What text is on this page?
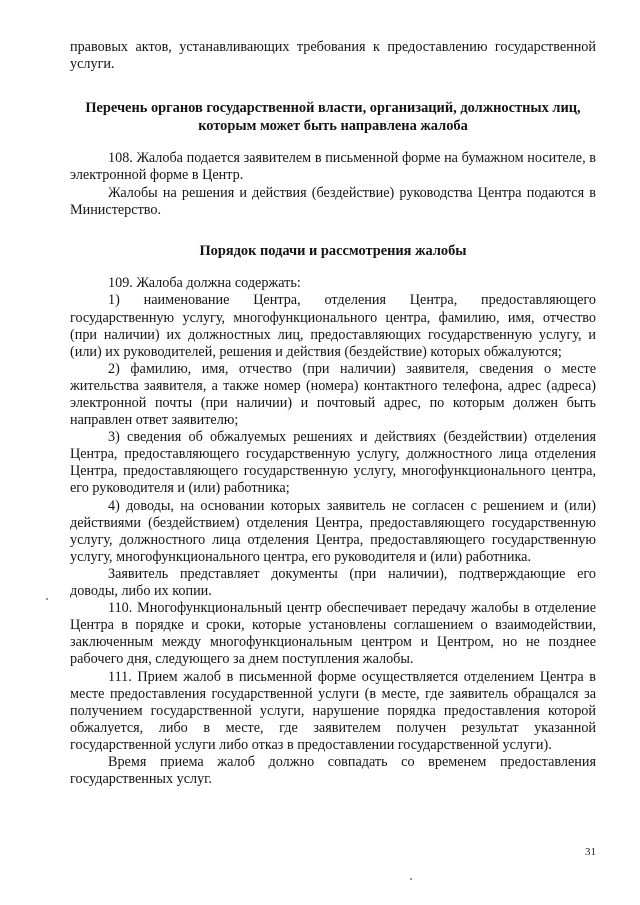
правовых актов, устанавливающих требования к предоставлению государственной услуги.

Перечень органов государственной власти, организаций, должностных лиц, которым может быть направлена жалоба

108. Жалоба подается заявителем в письменной форме на бумажном носителе, в электронной форме в Центр.

Жалобы на решения и действия (бездействие) руководства Центра подаются в Министерство.

Порядок подачи и рассмотрения жалобы

109. Жалоба должна содержать:

1) наименование Центра, отделения Центра, предоставляющего государственную услугу, многофункционального центра, фамилию, имя, отчество (при наличии) их должностных лиц, предоставляющих государственную услугу, и (или) их руководителей, решения и действия (бездействие) которых обжалуются;

2) фамилию, имя, отчество (при наличии) заявителя, сведения о месте жительства заявителя, а также номер (номера) контактного телефона, адрес (адреса) электронной почты (при наличии) и почтовый адрес, по которым должен быть направлен ответ заявителю;

3) сведения об обжалуемых решениях и действиях (бездействии) отделения Центра, предоставляющего государственную услугу, должностного лица отделения Центра, предоставляющего государственную услугу, многофункционального центра, его руководителя и (или) работника;

4) доводы, на основании которых заявитель не согласен с решением и (или) действиями (бездействием) отделения Центра, предоставляющего государственную услугу, должностного лица отделения Центра, предоставляющего государственную услугу, многофункционального центра, его руководителя и (или) работника.

Заявитель представляет документы (при наличии), подтверждающие его доводы, либо их копии.

110. Многофункциональный центр обеспечивает передачу жалобы в отделение Центра в порядке и сроки, которые установлены соглашением о взаимодействии, заключенным между многофункциональным центром и Центром, но не позднее рабочего дня, следующего за днем поступления жалобы.

111. Прием жалоб в письменной форме осуществляется отделением Центра в месте предоставления государственной услуги (в месте, где заявитель обращался за получением государственной услуги, нарушение порядка предоставления которой обжалуется, либо в месте, где заявителем получен результат указанной государственной услуги либо отказ в предоставлении государственной услуги).

Время приема жалоб должно совпадать со временем предоставления государственных услуг.

31
